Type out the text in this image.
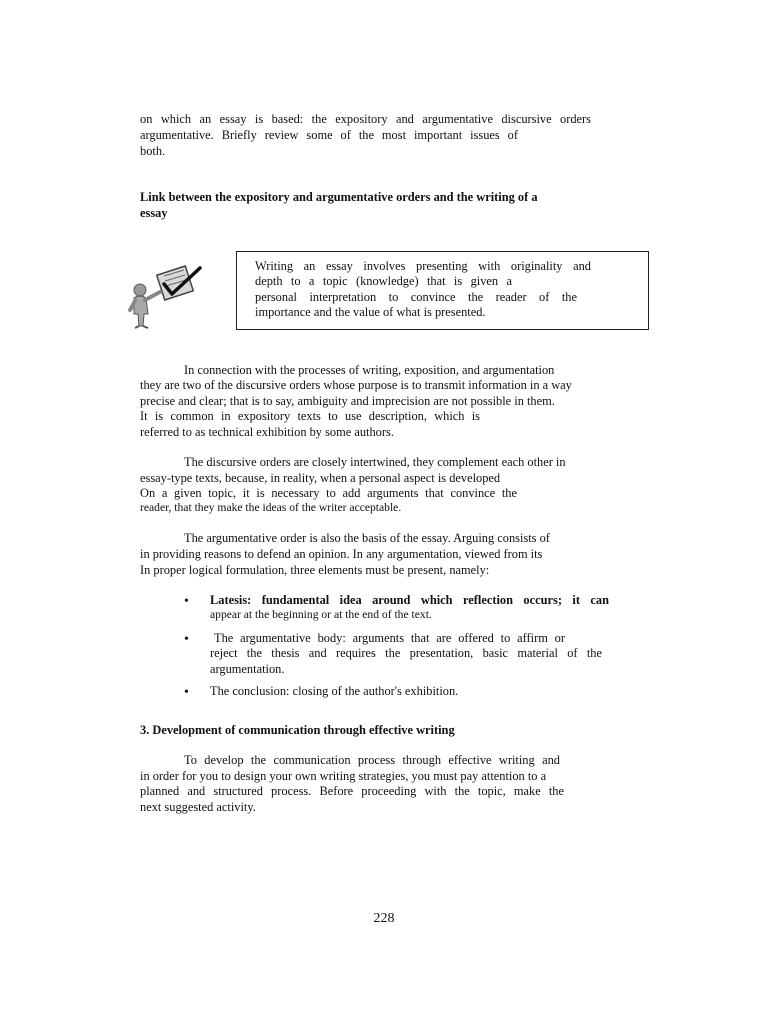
on which an essay is based: the expository and argumentative discursive orders
argumentative. Briefly review some of the most important issues of
both.
Link between the expository and argumentative orders and the writing of a
essay
Writing an essay involves presenting with originality and
depth to a topic (knowledge) that is given a
personal interpretation to convince the reader of the
importance and the value of what is presented.
In connection with the processes of writing, exposition, and argumentation
they are two of the discursive orders whose purpose is to transmit information in a way
precise and clear; that is to say, ambiguity and imprecision are not possible in them.
It is common in expository texts to use description, which is
referred to as technical exhibition by some authors.
The discursive orders are closely intertwined, they complement each other in
essay-type texts, because, in reality, when a personal aspect is developed
On a given topic, it is necessary to add arguments that convince the
reader, that they make the ideas of the writer acceptable.
The argumentative order is also the basis of the essay. Arguing consists of
in providing reasons to defend an opinion. In any argumentation, viewed from its
In proper logical formulation, three elements must be present, namely:
• Latesis: fundamental idea around which reflection occurs; it can
appear at the beginning or at the end of the text.
• The argumentative body: arguments that are offered to affirm or
reject the thesis and requires the presentation, basic material of the
argumentation.
• The conclusion: closing of the author's exhibition.
3. Development of communication through effective writing
To develop the communication process through effective writing and
in order for you to design your own writing strategies, you must pay attention to a
planned and structured process. Before proceeding with the topic, make the
next suggested activity.
228
